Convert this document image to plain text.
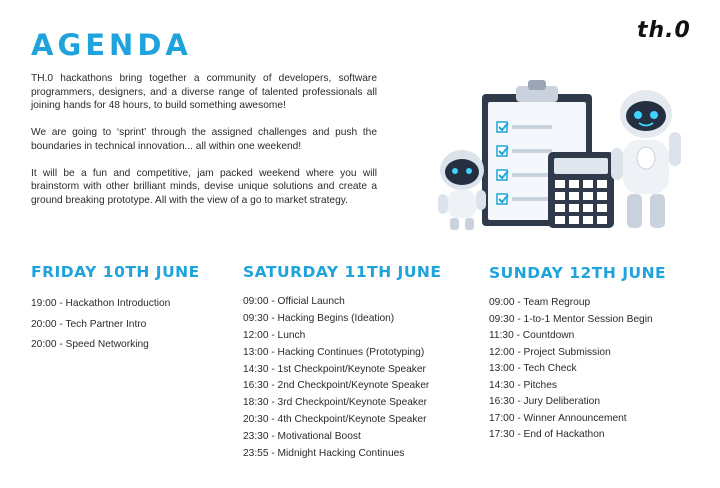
th.0
AGENDA

TH.0 hackathons bring together a community of developers, software programmers, designers, and a diverse range of talented professionals all joining hands for 48 hours, to build something awesome!

We are going to ‘sprint’ through the assigned challenges and push the boundaries in technical innovation... all within one weekend!

It will be a fun and competitive, jam packed weekend where you will brainstorm with other brilliant minds, devise unique solutions and create a ground breaking prototype. All with the view of a go to market strategy.

FRIDAY 10TH JUNE
19:00 - Hackathon Introduction
20:00 - Tech Partner Intro
20:00 - Speed Networking
SATURDAY 11TH JUNE
09:00 - Official Launch
09:30 - Hacking Begins (Ideation)
12:00 - Lunch
13:00 - Hacking Continues (Prototyping)
14:30 - 1st Checkpoint/Keynote Speaker
16:30 - 2nd Checkpoint/Keynote Speaker
18:30 - 3rd Checkpoint/Keynote Speaker
20:30 - 4th Checkpoint/Keynote Speaker
23:30 - Motivational Boost
23:55 - Midnight Hacking Continues
SUNDAY 12TH JUNE
09:00 - Team Regroup
09:30 - 1-to-1 Mentor Session Begin
11:30 - Countdown
12:00 - Project Submission
13:00 - Tech Check
14:30 - Pitches
16:30 - Jury Deliberation
17:00 - Winner Announcement
17:30 - End of Hackathon
